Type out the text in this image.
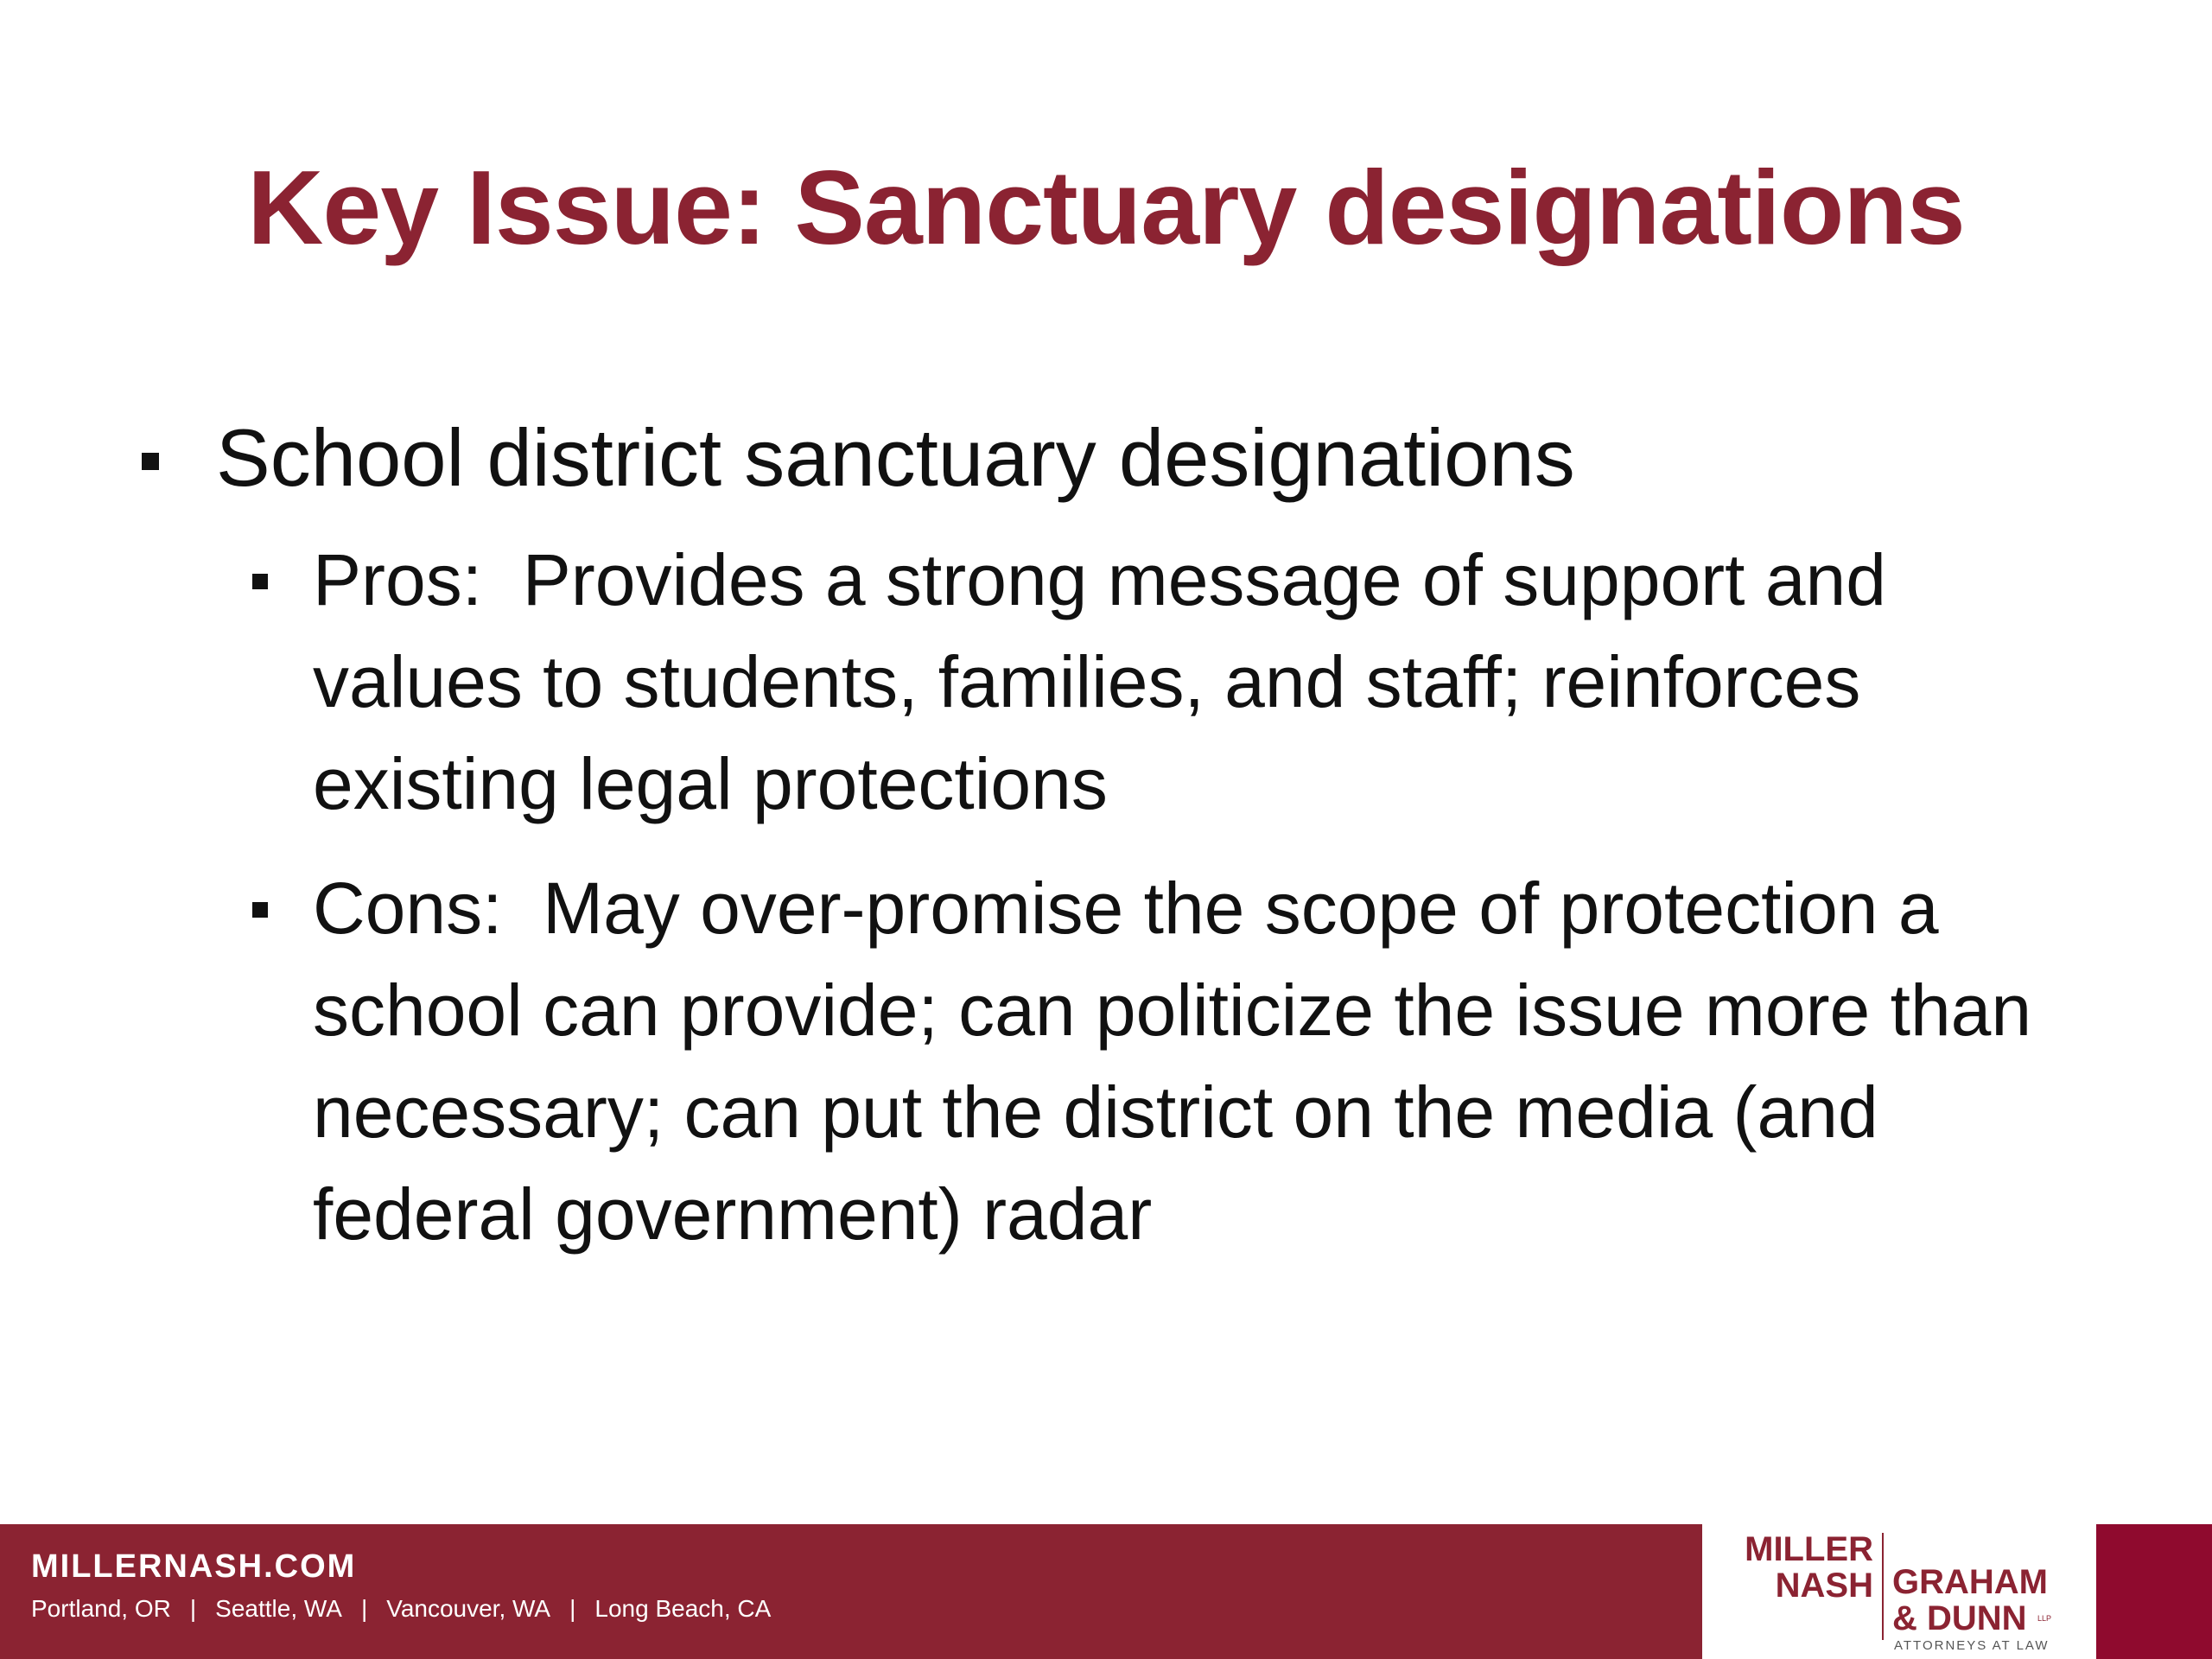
Key Issue: Sanctuary designations
School district sanctuary designations
Pros:  Provides a strong message of support and values to students, families, and staff; reinforces existing legal protections
Cons:  May over-promise the scope of protection a school can provide; can politicize the issue more than necessary; can put the district on the media (and federal government) radar
MILLERNASH.COM
Portland, OR | Seattle, WA | Vancouver, WA | Long Beach, CA
MILLER
NASH GRAHAM
& DUNN	LLP
ATTORNEYS AT LAW
